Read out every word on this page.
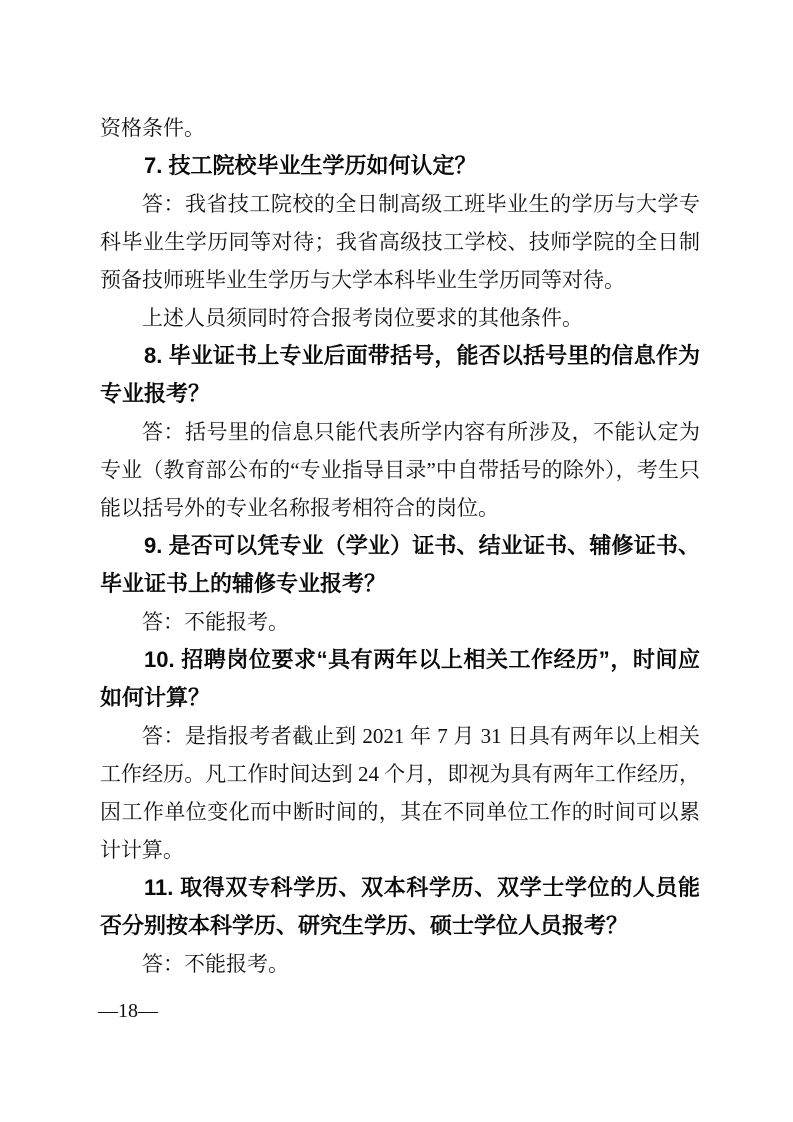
资格条件。

7. 技工院校毕业生学历如何认定？

答：我省技工院校的全日制高级工班毕业生的学历与大学专科毕业生学历同等对待；我省高级技工学校、技师学院的全日制预备技师班毕业生学历与大学本科毕业生学历同等对待。

上述人员须同时符合报考岗位要求的其他条件。

8. 毕业证书上专业后面带括号，能否以括号里的信息作为专业报考？

答：括号里的信息只能代表所学内容有所涉及，不能认定为专业（教育部公布的“专业指导目录”中自带括号的除外），考生只能以括号外的专业名称报考相符合的岗位。

9. 是否可以凭专业（学业）证书、结业证书、辅修证书、毕业证书上的辅修专业报考？

答：不能报考。

10. 招聘岗位要求“具有两年以上相关工作经历”，时间应如何计算？

答：是指报考者截止到 2021 年 7 月 31 日具有两年以上相关工作经历。凡工作时间达到 24 个月，即视为具有两年工作经历，因工作单位变化而中断时间的，其在不同单位工作的时间可以累计计算。

11. 取得双专科学历、双本科学历、双学士学位的人员能否分别按本科学历、研究生学历、硕士学位人员报考？

答：不能报考。

—18—
